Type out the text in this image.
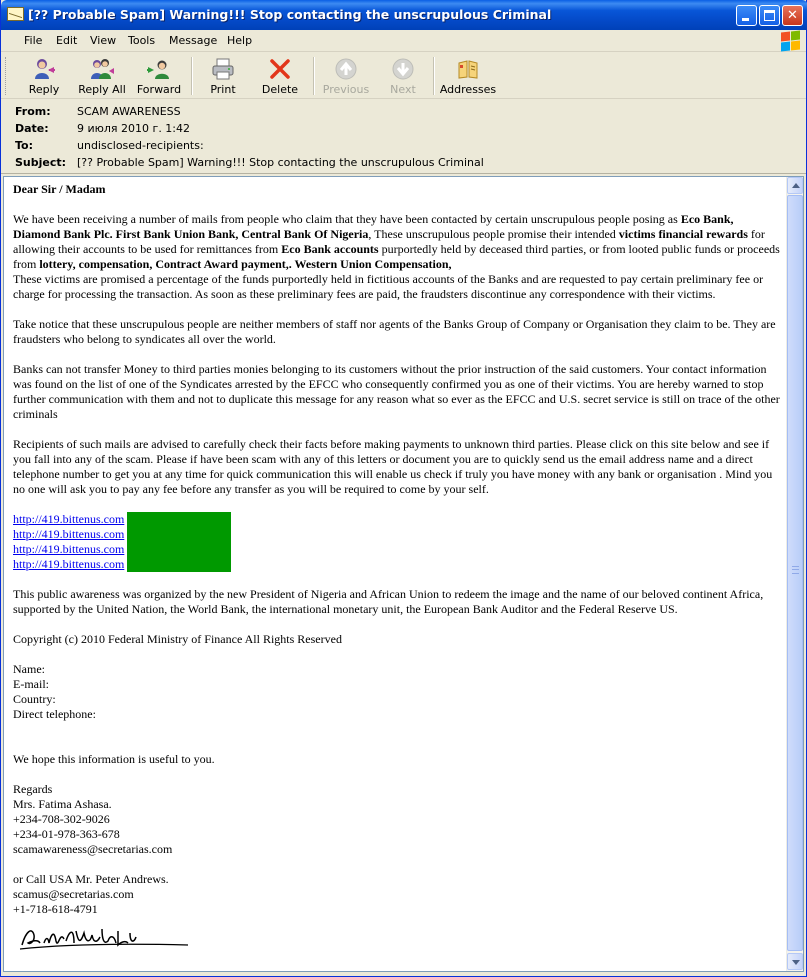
[?? Probable Spam] Warning!!! Stop contacting the unscrupulous Criminal	✕
File Edit View Tools Message Help
Reply	Reply All	Forward	Print	Delete	Previous	Next	Addresses
From: SCAM AWARENESS
Date:	9 июля 2010 г. 1:42
To:	undisclosed-recipients:
Subject: [?? Probable Spam] Warning!!! Stop contacting the unscrupulous Criminal

Dear Sir / Madam

We have been receiving a number of mails from people who claim that they have been contacted by certain unscrupulous people posing as Eco Bank, Diamond Bank Plc. First Bank Union Bank, Central Bank Of Nigeria, These unscrupulous people promise their intended victims financial rewards for allowing their accounts to be used for remittances from Eco Bank accounts purportedly held by deceased third parties, or from looted public funds or proceeds from lottery, compensation, Contract Award payment,. Western Union Compensation,

These victims are promised a percentage of the funds purportedly held in fictitious accounts of the Banks and are requested to pay certain preliminary fee or charge for processing the transaction. As soon as these preliminary fees are paid, the fraudsters discontinue any correspondence with their victims.

Take notice that these unscrupulous people are neither members of staff nor agents of the Banks Group of Company or Organisation they claim to be. They are fraudsters who belong to syndicates all over the world.

Banks can not transfer Money to third parties monies belonging to its customers without the prior instruction of the said customers. Your contact information was found on the list of one of the Syndicates arrested by the EFCC who consequently confirmed you as one of their victims. You are hereby warned to stop further communication with them and not to duplicate this message for any reason what so ever as the EFCC and U.S. secret service is still on trace of the other criminals

Recipients of such mails are advised to carefully check their facts before making payments to unknown third parties. Please click on this site below and see if you fall into any of the scam. Please if have been scam with any of this letters or document you are to quickly send us the email address name and a direct telephone number to get you at any time for quick communication this will enable us check if truly you have money with any bank or organisation . Mind you no one will ask you to pay any fee before any transfer as you will be required to come by your self.

http://419.bittenus.com

http://419.bittenus.com

http://419.bittenus.com

http://419.bittenus.com

This public awareness was organized by the new President of Nigeria and African Union to redeem the image and the name of our beloved continent Africa, supported by the United Nation, the World Bank, the international monetary unit, the European Bank Auditor and the Federal Reserve US.

Copyright (c) 2010 Federal Ministry of Finance All Rights Reserved

Name:

E-mail:

Country:

Direct telephone:

We hope this information is useful to you.

Regards

Mrs. Fatima Ashasa.

+234-708-302-9026

+234-01-978-363-678

scamawareness@secretarias.com

or Call USA Mr. Peter Andrews.

scamus@secretarias.com

+1-718-618-4791
